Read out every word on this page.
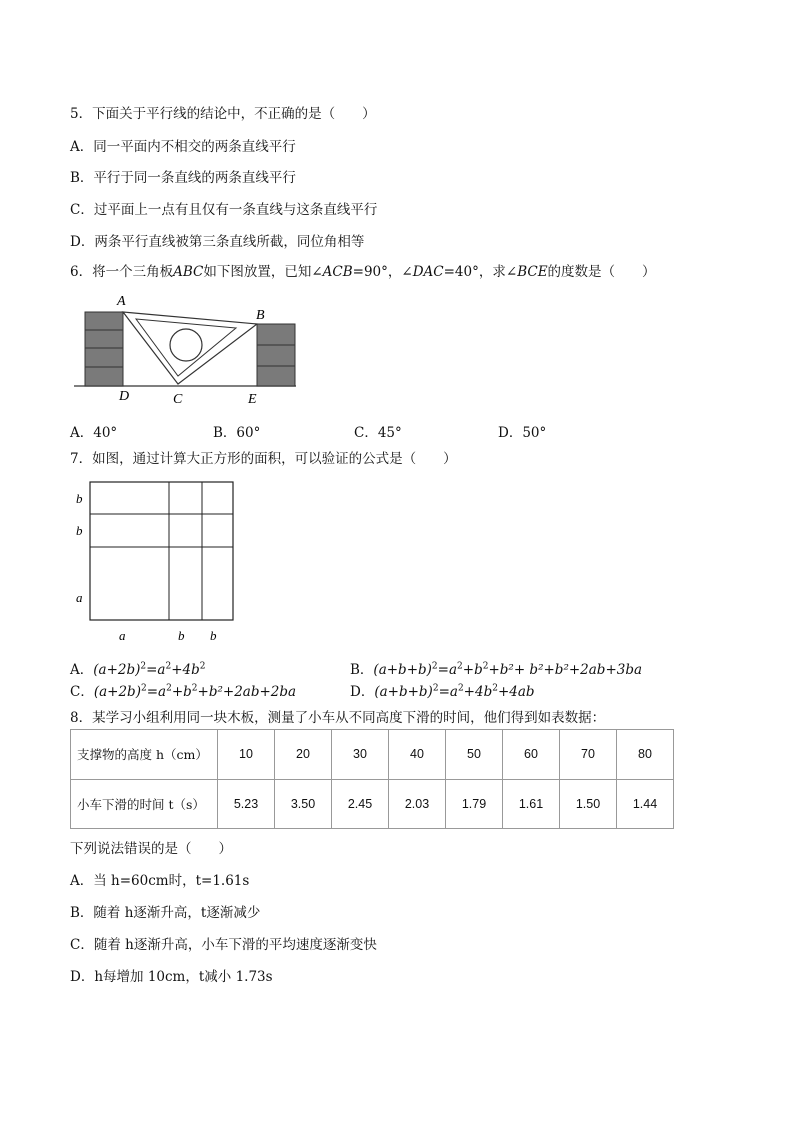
5．下面关于平行线的结论中，不正确的是（　　）
A．同一平面内不相交的两条直线平行
B．平行于同一条直线的两条直线平行
C．过平面上一点有且仅有一条直线与这条直线平行
D．两条平行直线被第三条直线所截，同位角相等
6．将一个三角板ABC如下图放置，已知∠ACB=90°，∠DAC=40°，求∠BCE的度数是（　　）
A
B
C
D	E
A．40°	B．60°	C．45°	D．50°
7．如图，通过计算大正方形的面积，可以验证的公式是（　　）
b
b
a
a	b b
A．$(a+2b)^2=a^2+4b^2$	B．$(a+b+b)^2=a^2+b^2+b^2+ b^2+b^2+2ab+3ba$
C．$(a+2b)^2=a^2+b^2+b^2+2ab+2ba$	D．$(a+b+b)^2=a^2+4b^2+4ab$
8．某学习小组利用同一块木板，测量了小车从不同高度下滑的时间，他们得到如表数据：
支撑物的高度 h（cm）	10	20	30	40	50	60	70	80
小车下滑的时间 t（s）	5.23	3.50	2.45	2.03	1.79	1.61	1.50	1.44
下列说法错误的是（　　）
A．当 h=60cm时，t=1.61s
B．随着 h逐渐升高，t逐渐减少
C．随着 h逐渐升高，小车下滑的平均速度逐渐变快
D．h每增加 10cm，t减小 1.73s
